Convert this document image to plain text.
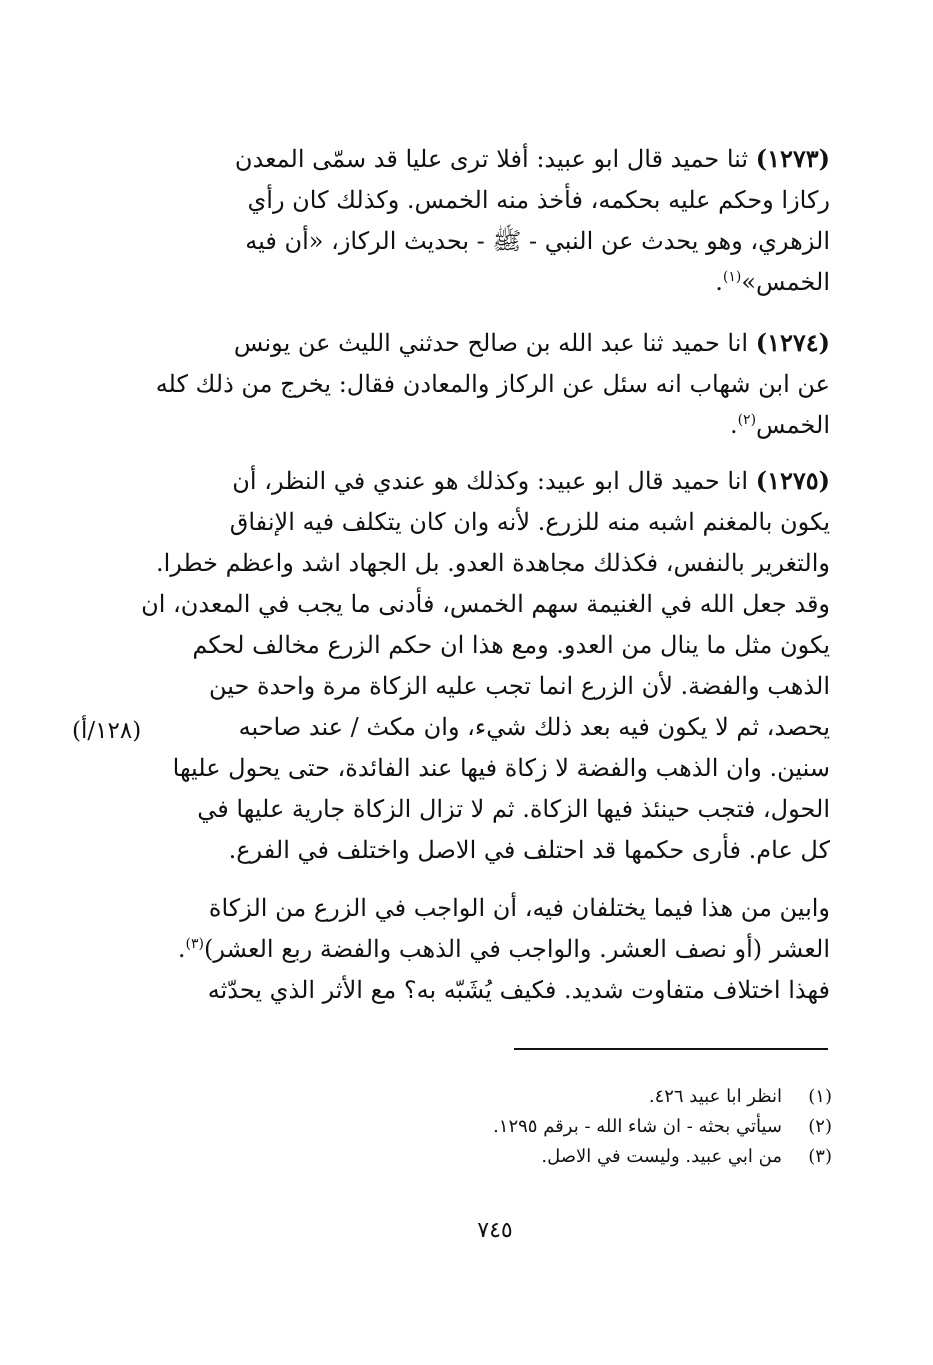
(١٢٧٣) ثنا حميد قال ابو عبيد: أفلا ترى عليا قد سمّى المعدن
ركازا وحكم عليه بحكمه، فأخذ منه الخمس. وكذلك كان رأي
الزهري، وهو يحدث عن النبي - ﷺ - بحديث الركاز، «أن فيه
الخمس»$^{(١)}$.
(١٢٧٤) انا حميد ثنا عبد الله بن صالح حدثني الليث عن يونس
عن ابن شهاب انه سئل عن الركاز والمعادن فقال: يخرج من ذلك كله
الخمس$^{(٢)}$.
(١٢٧٥) انا حميد قال ابو عبيد: وكذلك هو عندي في النظر، أن
يكون بالمغنم اشبه منه للزرع. لأنه وان كان يتكلف فيه الإنفاق
والتغرير بالنفس، فكذلك مجاهدة العدو. بل الجهاد اشد واعظم خطرا.
وقد جعل الله في الغنيمة سهم الخمس، فأدنى ما يجب في المعدن، ان
يكون مثل ما ينال من العدو. ومع هذا ان حكم الزرع مخالف لحكم
الذهب والفضة. لأن الزرع انما تجب عليه الزكاة مرة واحدة حين
يحصد، ثم لا يكون فيه بعد ذلك شيء، وان مكث / عند صاحبه
سنين. وان الذهب والفضة لا زكاة فيها عند الفائدة، حتى يحول عليها
الحول، فتجب حينئذ فيها الزكاة. ثم لا تزال الزكاة جارية عليها في
كل عام. فأرى حكمها قد احتلف في الاصل واختلف في الفرع.
وابين من هذا فيما يختلفان فيه، أن الواجب في الزرع من الزكاة
العشر (أو نصف العشر. والواجب في الذهب والفضة ربع العشر)$^{(٣)}$.
فهذا اختلاف متفاوت شديد. فكيف يُشَبّه به؟ مع الأثر الذي يحدّثه
(١٢٨/أ)
(١)
انظر ابا عبيد ٤٢٦.
(٢)
سيأتي بحثه - ان شاء الله - برقم ١٢٩٥.
(٣)
من ابي عبيد. وليست في الاصل.
٧٤٥
